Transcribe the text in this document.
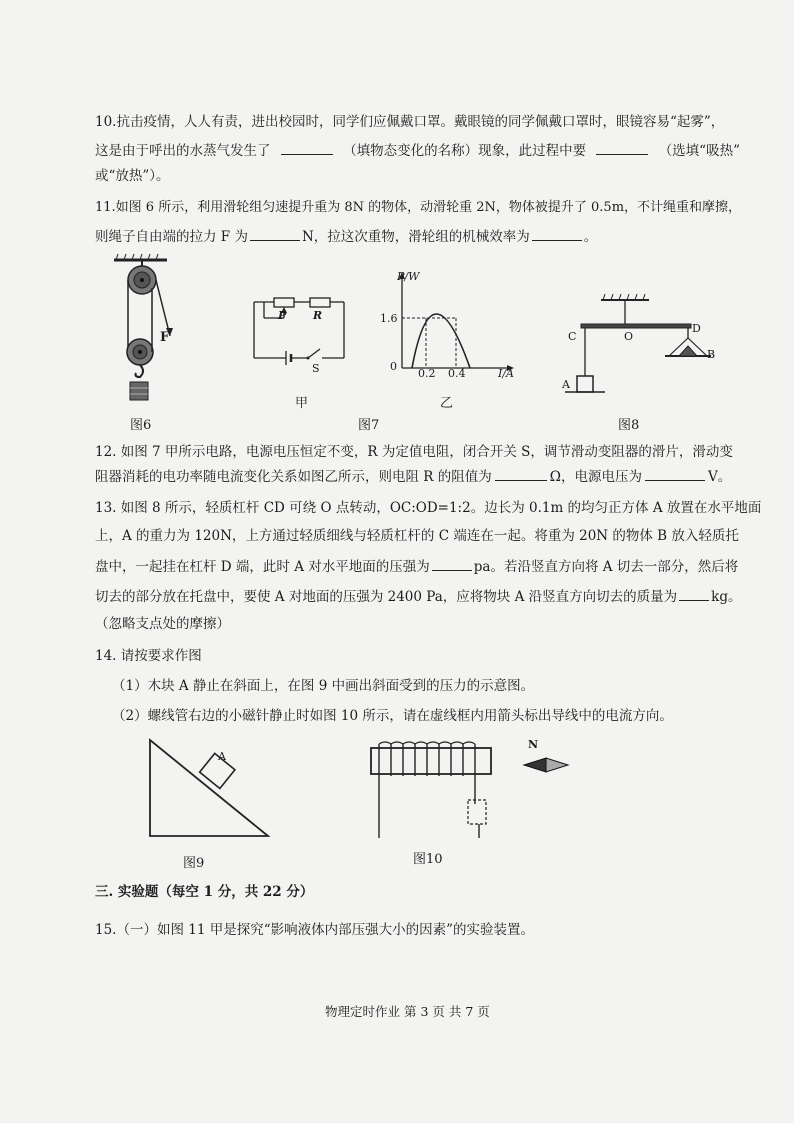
10.抗击疫情，人人有责，进出校园时，同学们应佩戴口罩。戴眼镜的同学佩戴口罩时，眼镜容易“起雾”，
这是由于呼出的水蒸气发生了	（填物态变化的名称）现象，此过程中要	（选填“吸热”
或“放热”）。
11.如图 6 所示，利用滑轮组匀速提升重为 8N 的物体，动滑轮重 2N，物体被提升了 0.5m，不计绳重和摩擦，
则绳子自由端的拉力 F 为	N，拉这次重物，滑轮组的机械效率为	。
F
图6
P R
S
甲
P/W
1.6
0
0.2 0.4	I/A
乙
图7
C	O
D
A
B
图8
12. 如图 7 甲所示电路，电源电压恒定不变，R 为定值电阻，闭合开关 S，调节滑动变阻器的滑片，滑动变
阻器消耗的电功率随电流变化关系如图乙所示，则电阻 R 的阻值为	Ω，电源电压为	V。
13. 如图 8 所示，轻质杠杆 CD 可绕 O 点转动，OC:OD=1:2。边长为 0.1m 的均匀正方体 A 放置在水平地面
上，A 的重力为 120N，上方通过轻质细线与轻质杠杆的 C 端连在一起。将重为 20N 的物体 B 放入轻质托
盘中，一起挂在杠杆 D 端，此时 A 对水平地面的压强为	pa。若沿竖直方向将 A 切去一部分，然后将
切去的部分放在托盘中，要使 A 对地面的压强为 2400 Pa，应将物块 A 沿竖直方向切去的质量为	kg。
（忽略支点处的摩擦）
14. 请按要求作图
（1）木块 A 静止在斜面上，在图 9 中画出斜面受到的压力的示意图。
（2）螺线管右边的小磁针静止时如图 10 所示，请在虚线框内用箭头标出导线中的电流方向。
A
图9
N
图10
三. 实验题（每空 1 分，共 22 分）
15.（一）如图 11 甲是探究“影响液体内部压强大小的因素”的实验装置。
物理定时作业 第 3 页 共 7 页
